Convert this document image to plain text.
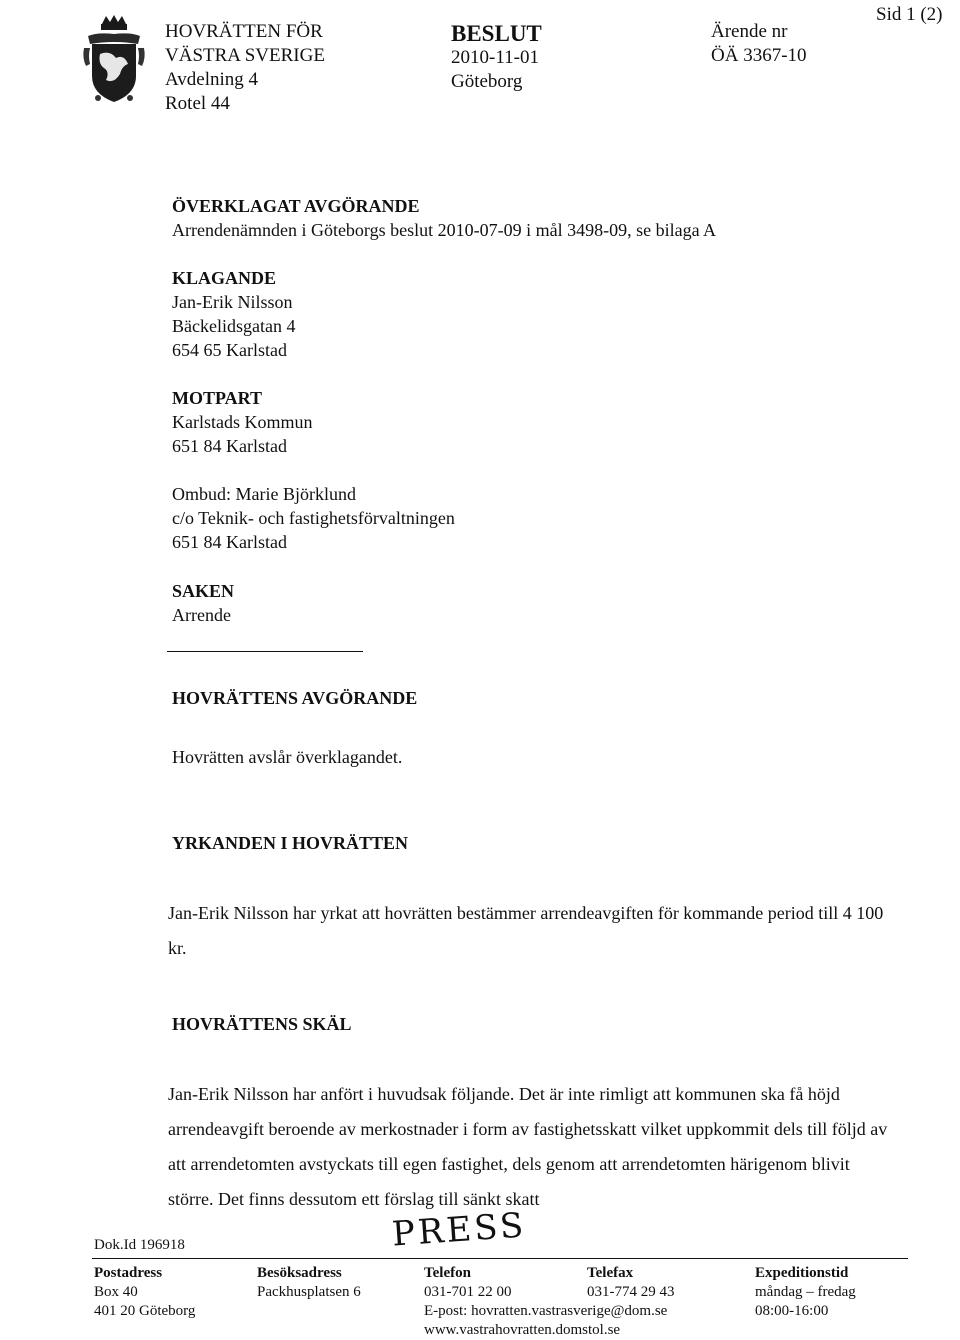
HOVRÄTTEN FÖR
VÄSTRA SVERIGE
Avdelning 4
Rotel 44
BESLUT
2010-11-01
Göteborg
Ärende nr
ÖÄ 3367-10
Sid 1 (2)
ÖVERKLAGAT AVGÖRANDE
Arrendenämnden i Göteborgs beslut 2010-07-09 i mål 3498-09, se bilaga A
KLAGANDE
Jan-Erik Nilsson
Bäckelidsgatan 4
654 65 Karlstad
MOTPART
Karlstads Kommun
651 84 Karlstad
Ombud: Marie Björklund
c/o Teknik- och fastighetsförvaltningen
651 84 Karlstad
SAKEN
Arrende
HOVRÄTTENS AVGÖRANDE
Hovrätten avslår överklagandet.
YRKANDEN I HOVRÄTTEN
Jan-Erik Nilsson har yrkat att hovrätten bestämmer arrendeavgiften för kommande period till 4 100 kr.
HOVRÄTTENS SKÄL
Jan-Erik Nilsson har anfört i huvudsak följande. Det är inte rimligt att kommunen ska få höjd arrendeavgift beroende av merkostnader i form av fastighetsskatt vilket uppkommit dels till följd av att arrendetomten avstyckats till egen fastighet, dels genom att arrendetomten härigenom blivit större. Det finns dessutom ett förslag till sänkt skatt
PRESS
Dok.Id 196918
Postadress
Box 40
401 20 Göteborg
Besöksadress
Packhusplatsen 6
Telefon
031-701 22 00
E-post: hovratten.vastrasverige@dom.se
www.vastrahovratten.domstol.se
Telefax
031-774 29 43
Expeditionstid
måndag – fredag
08:00-16:00
